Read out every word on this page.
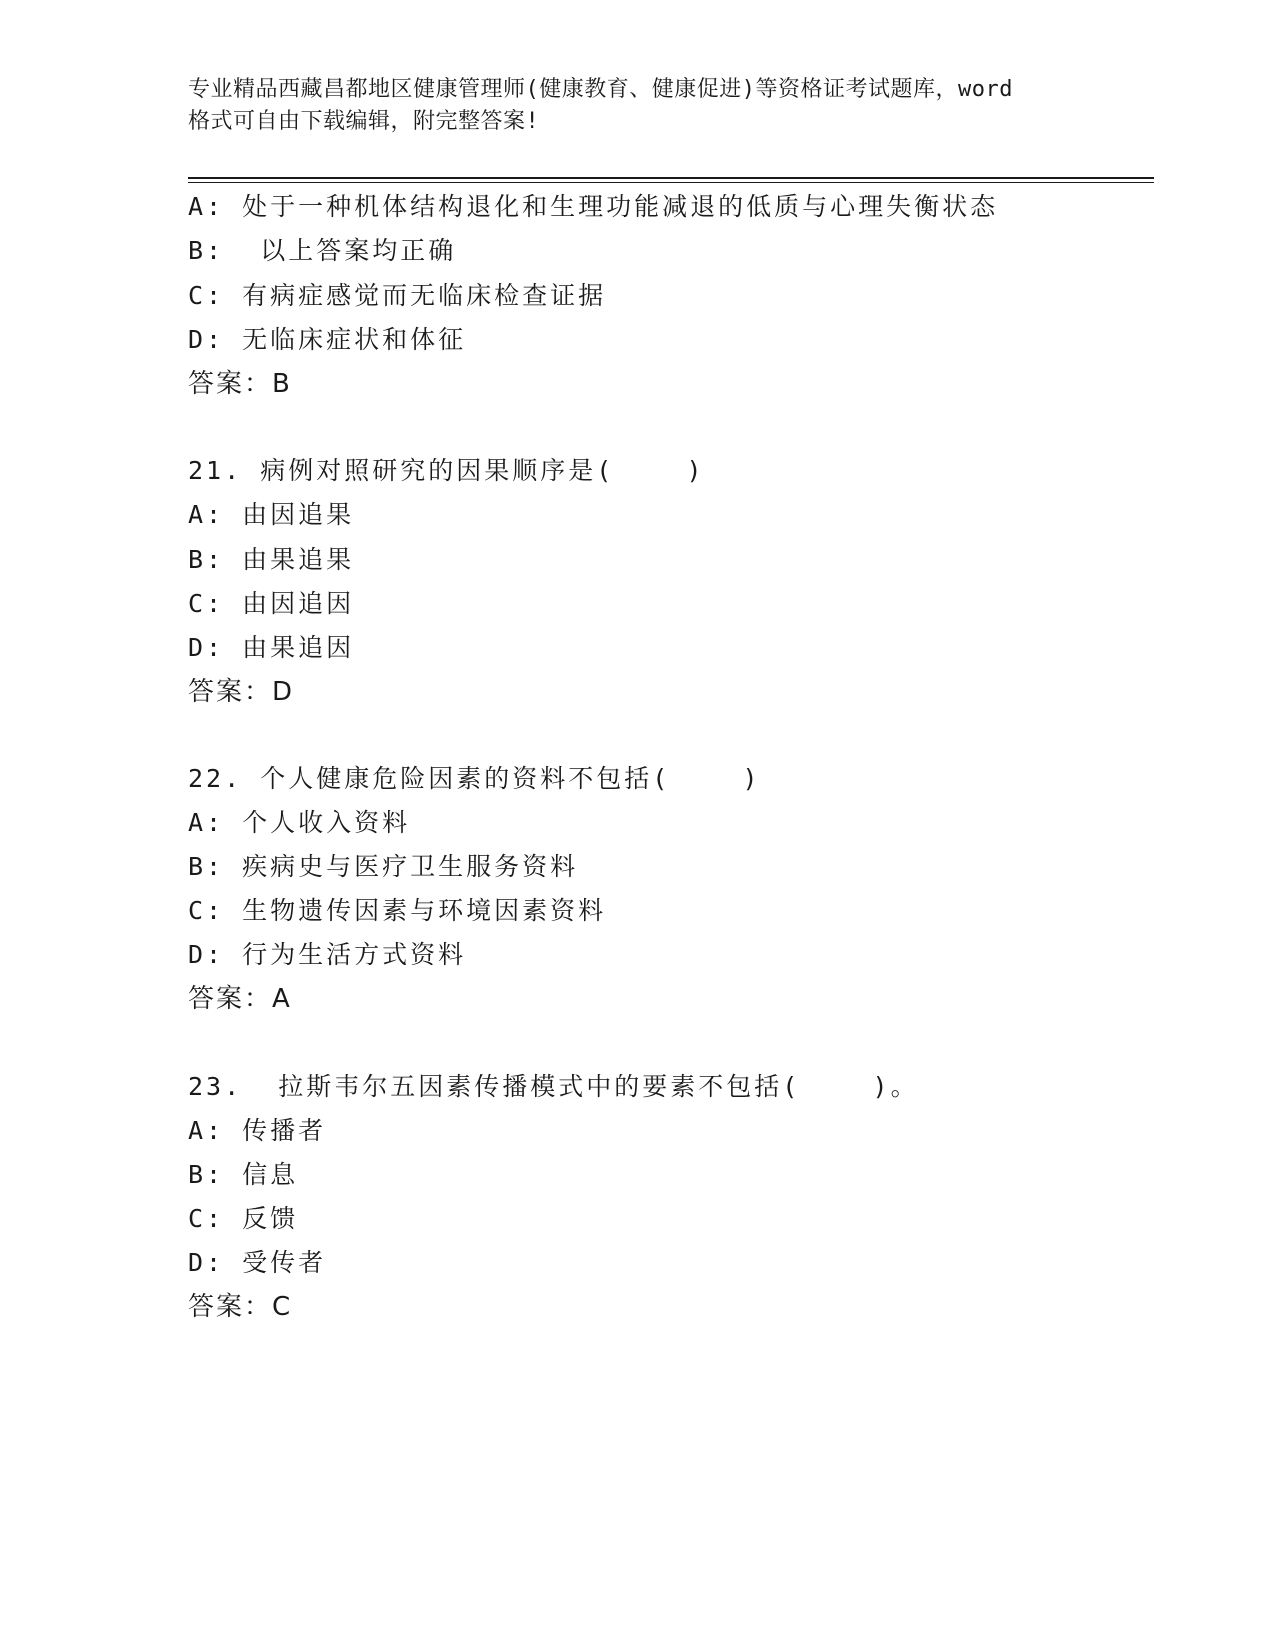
专业精品西藏昌都地区健康管理师(健康教育、健康促进)等资格证考试题库，word
格式可自由下载编辑，附完整答案!
A: 处于一种机体结构退化和生理功能减退的低质与心理失衡状态
B:  以上答案均正确
C: 有病症感觉而无临床检查证据
D: 无临床症状和体征
答案：B
21. 病例对照研究的因果顺序是(    )
A: 由因追果
B: 由果追果
C: 由因追因
D: 由果追因
答案：D
22. 个人健康危险因素的资料不包括(    )
A: 个人收入资料
B: 疾病史与医疗卫生服务资料
C: 生物遗传因素与环境因素资料
D: 行为生活方式资料
答案：A
23.  拉斯韦尔五因素传播模式中的要素不包括(    )。
A: 传播者
B: 信息
C: 反馈
D: 受传者
答案：C
